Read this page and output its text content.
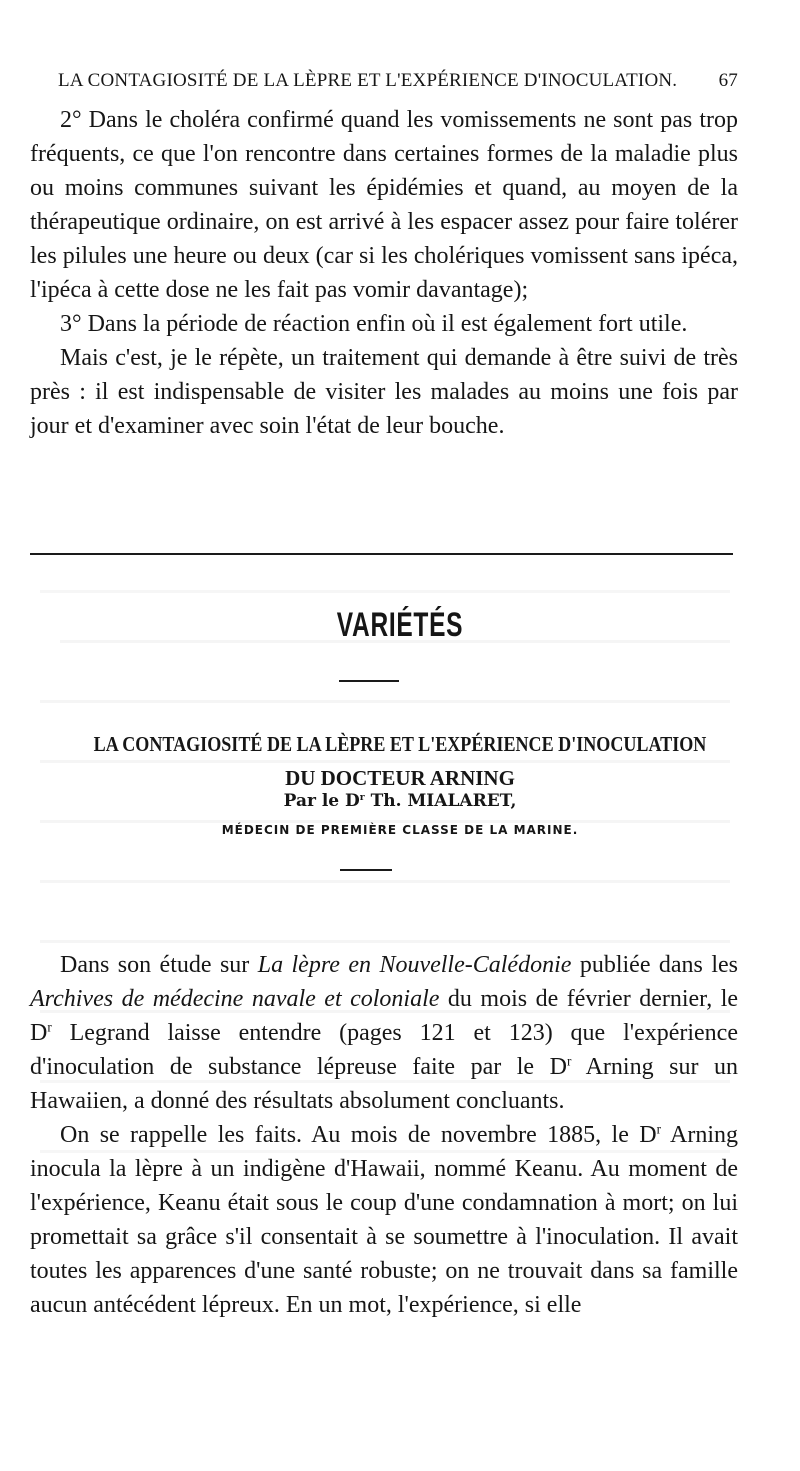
LA CONTAGIOSITÉ DE LA LÈPRE ET L'EXPÉRIENCE D'INOCULATION. 67

2° Dans le choléra confirmé quand les vomissements ne sont pas trop fréquents, ce que l'on rencontre dans certaines formes de la maladie plus ou moins communes suivant les épidémies et quand, au moyen de la thérapeutique ordinaire, on est arrivé à les espacer assez pour faire tolérer les pilules une heure ou deux (car si les cholériques vomissent sans ipéca, l'ipéca à cette dose ne les fait pas vomir davantage);

3° Dans la période de réaction enfin où il est également fort utile.

Mais c'est, je le répète, un traitement qui demande à être suivi de très près : il est indispensable de visiter les malades au moins une fois par jour et d'examiner avec soin l'état de leur bouche.

VARIÉTÉS
LA CONTAGIOSITÉ DE LA LÈPRE ET L'EXPÉRIENCE D'INOCULATION
DU DOCTEUR ARNING
Par le $D^r$ Th. MIALARET,
MÉDECIN DE PREMIÈRE CLASSE DE LA MARINE.

Dans son étude sur La lèpre en Nouvelle-Calédonie publiée dans les Archives de médecine navale et coloniale du mois de février dernier, le $D^r$ Legrand laisse entendre (pages 121 et 123) que l'expérience d'inoculation de substance lépreuse faite par le $D^r$ Arning sur un Hawaiien, a donné des résultats absolument concluants.

On se rappelle les faits. Au mois de novembre 1885, le $D^r$ Arning inocula la lèpre à un indigène d'Hawaii, nommé Keanu. Au moment de l'expérience, Keanu était sous le coup d'une condamnation à mort; on lui promettait sa grâce s'il consentait à se soumettre à l'inoculation. Il avait toutes les apparences d'une santé robuste; on ne trouvait dans sa famille aucun antécédent lépreux. En un mot, l'expérience, si elle
